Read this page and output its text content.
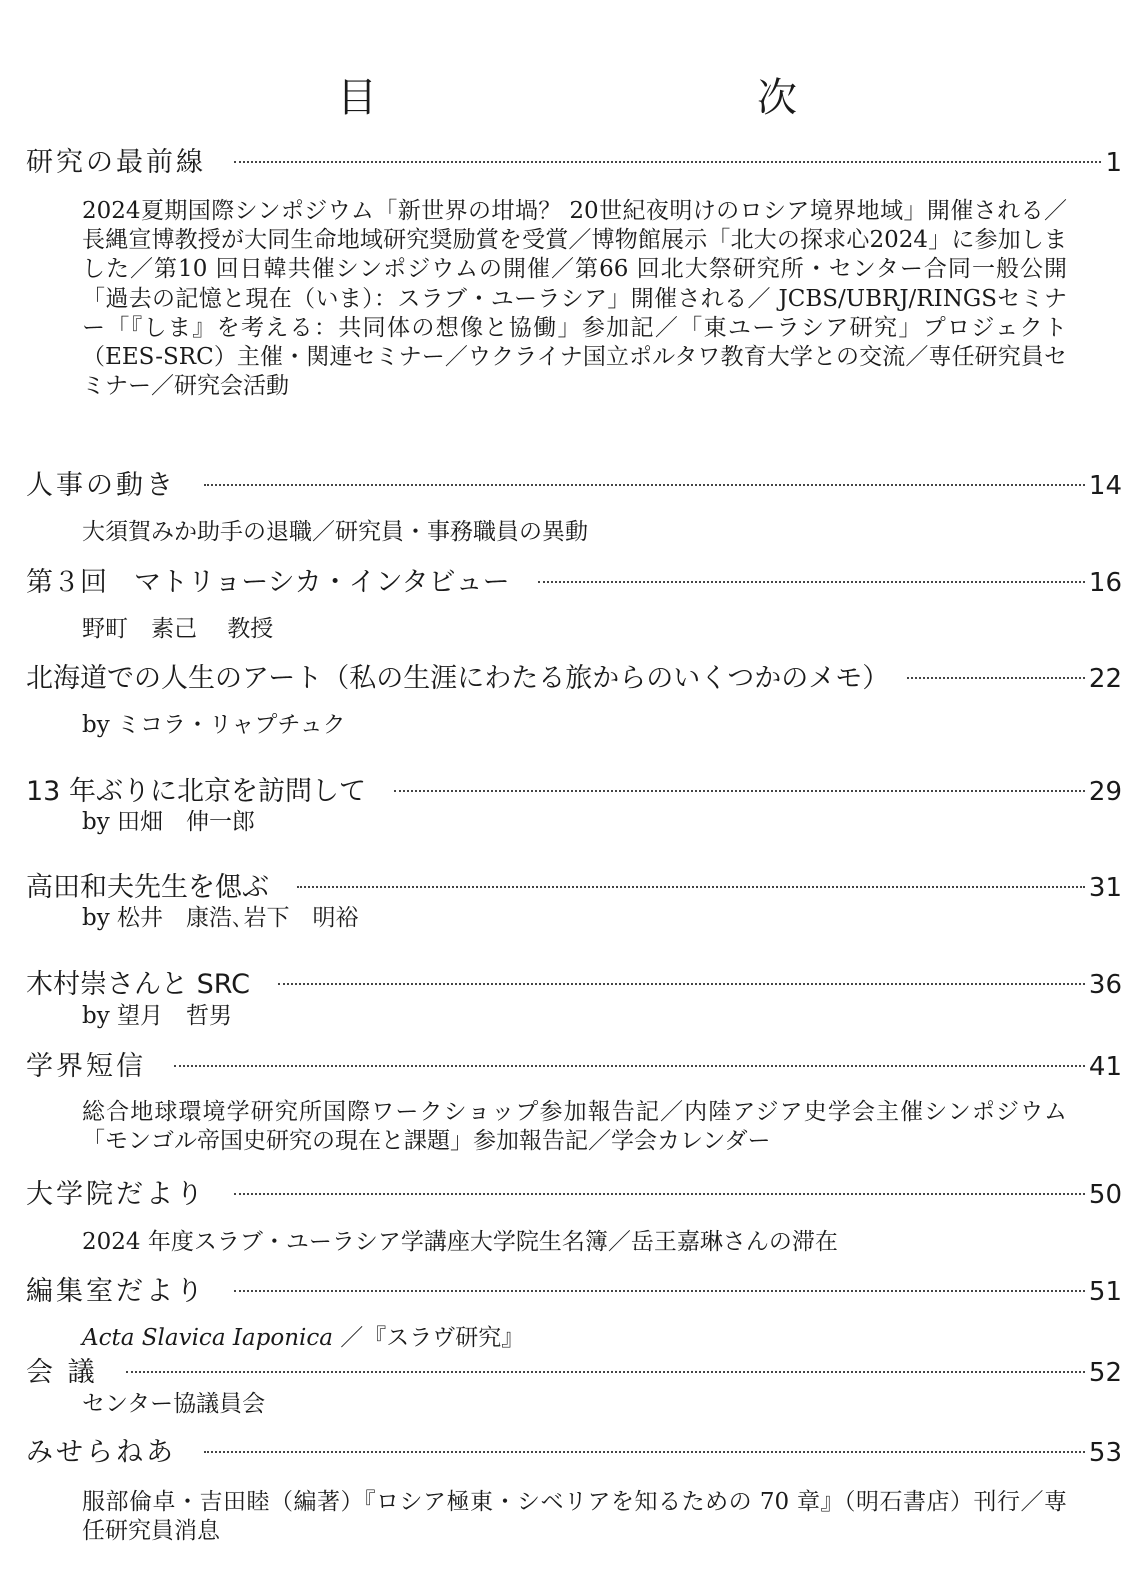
目　　次
研究の最前線	1
2024夏期国際シンポジウム「新世界の坩堝？ 20世紀夜明けのロシア境界地域」開催される／長縄宣博教授が大同生命地域研究奨励賞を受賞／博物館展示「北大の探求心2024」に参加しました／第10 回日韓共催シンポジウムの開催／第66 回北大祭研究所・センター合同一般公開「過去の記憶と現在（いま）：スラブ・ユーラシア」開催される／ JCBS/UBRJ/RINGSセミナー「『しま』を考える：共同体の想像と協働」参加記／「東ユーラシア研究」プロジェクト（EES-SRC）主催・関連セミナー／ウクライナ国立ポルタワ教育大学との交流／専任研究員セミナー／研究会活動
人事の動き	14
大須賀みか助手の退職／研究員・事務職員の異動
第３回　マトリョーシカ・インタビュー	16
野町　素己　 教授
北海道での人生のアート（私の生涯にわたる旅からのいくつかのメモ）	22
by ミコラ・リャプチュク
13 年ぶりに北京を訪問して	29
by 田畑　伸一郎
高田和夫先生を偲ぶ	31
by 松井　康浩､岩下　明裕
木村崇さんと SRC	36
by 望月　哲男
学界短信	41
総合地球環境学研究所国際ワークショップ参加報告記／内陸アジア史学会主催シンポジウム「モンゴル帝国史研究の現在と課題」参加報告記／学会カレンダー
大学院だより	50
2024 年度スラブ・ユーラシア学講座大学院生名簿／岳王嘉琳さんの滞在
編集室だより	51
Acta Slavica Iaponica ／『スラヴ研究』
会 議	52
センター協議員会
みせらねあ	53
服部倫卓・吉田睦（編著）『ロシア極東・シベリアを知るための 70 章』（明石書店）刊行／専任研究員消息
